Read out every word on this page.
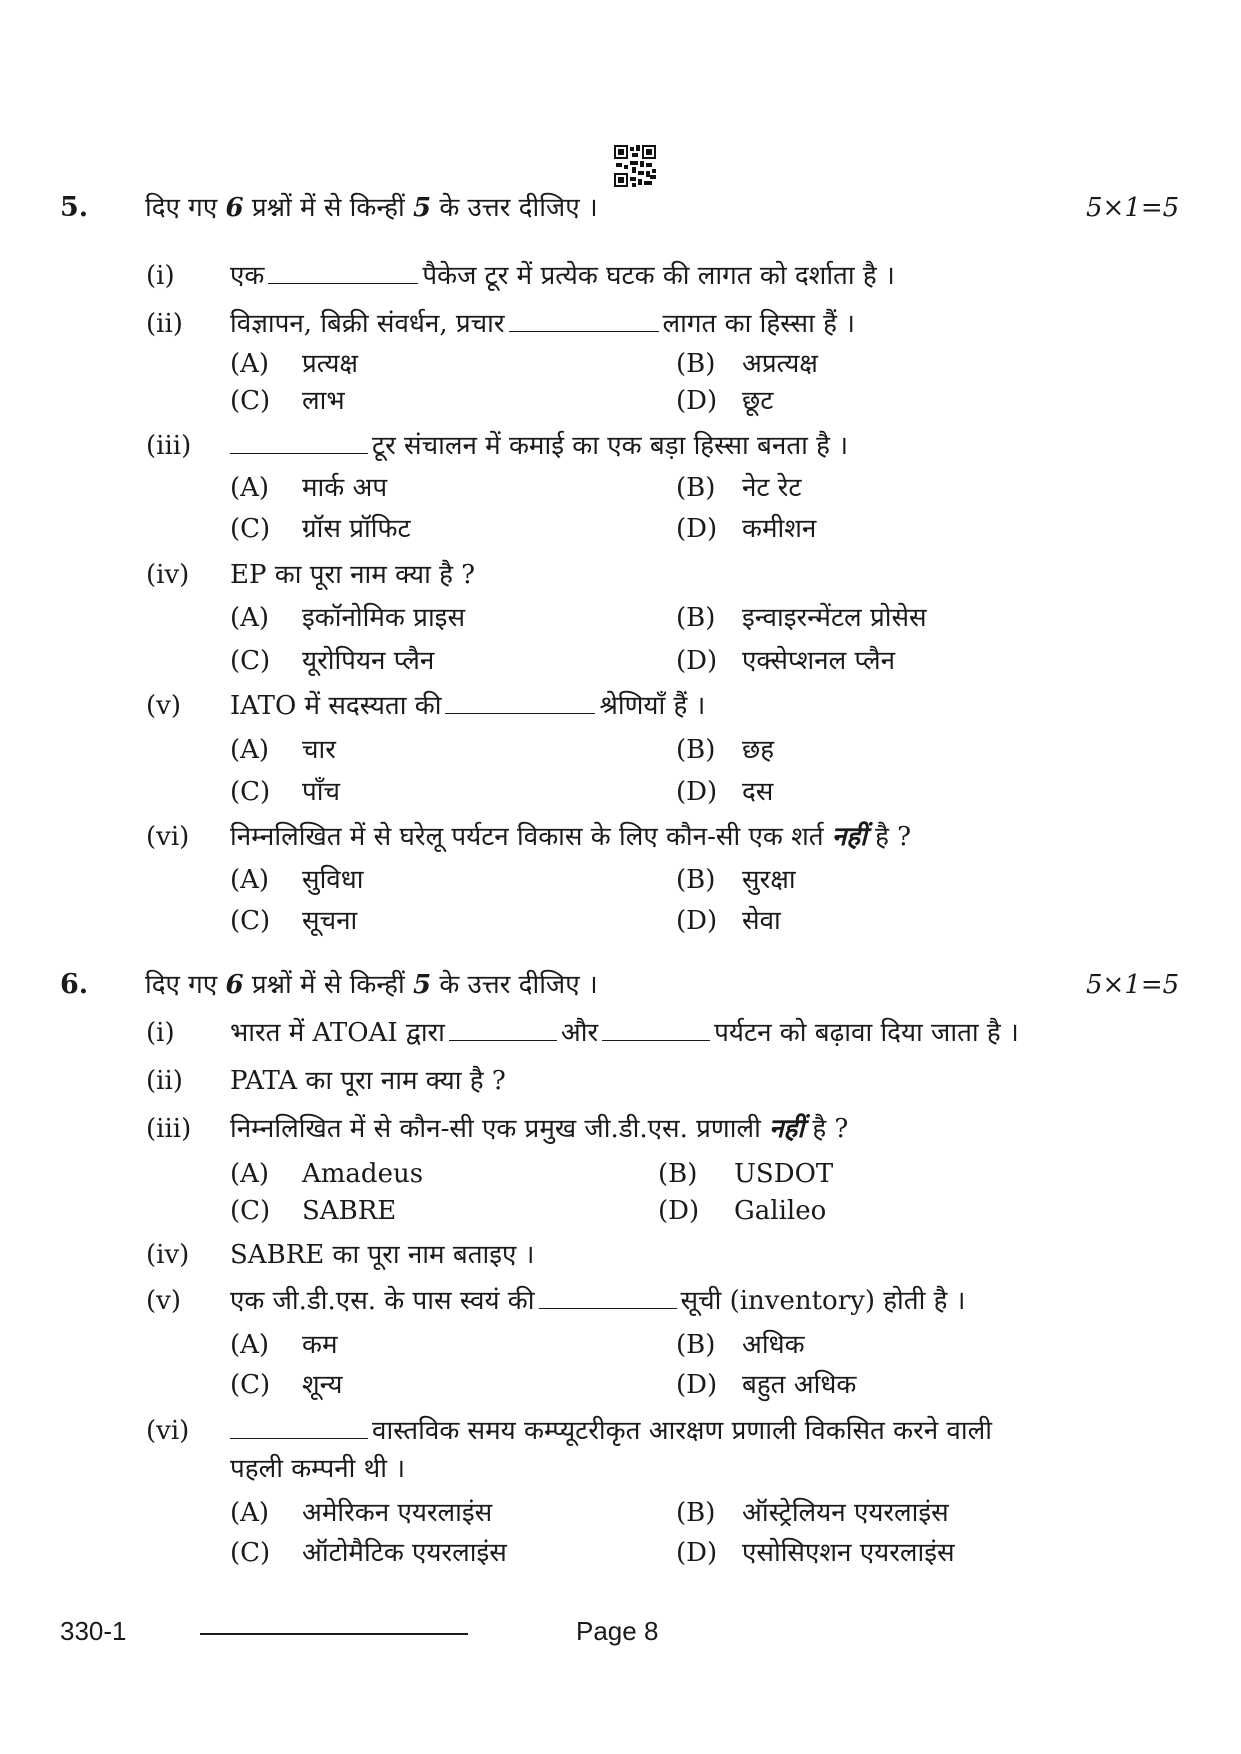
5. दिए गए 6 प्रश्नों में से किन्हीं 5 के उत्तर दीजिए ।	5×1=5
(i) एक	पैकेज टूर में प्रत्येक घटक की लागत को दर्शाता है ।
(ii) विज्ञापन, बिक्री संवर्धन, प्रचार	लागत का हिस्सा हैं ।
(A) प्रत्यक्ष	(B) अप्रत्यक्ष
(C) लाभ	(D) छूट
(iii)	टूर संचालन में कमाई का एक बड़ा हिस्सा बनता है ।
(A) मार्क अप	(B) नेट रेट
(C) ग्रॉस प्रॉफिट	(D) कमीशन
(iv) EP का पूरा नाम क्या है ?
(A) इकॉनोमिक प्राइस	(B) इन्वाइरन्मेंटल प्रोसेस
(C) यूरोपियन प्लैन	(D) एक्सेप्शनल प्लैन
(v) IATO में सदस्यता की	श्रेणियाँ हैं ।
(A) चार	(B) छह
(C) पाँच	(D) दस
(vi) निम्नलिखित में से घरेलू पर्यटन विकास के लिए कौन-सी एक शर्त नहीं है ?
(A) सुविधा	(B) सुरक्षा
(C) सूचना	(D) सेवा
6. दिए गए 6 प्रश्नों में से किन्हीं 5 के उत्तर दीजिए ।	5×1=5
(i) भारत में ATOAI द्वारा	और	पर्यटन को बढ़ावा दिया जाता है ।
(ii) PATA का पूरा नाम क्या है ?
(iii) निम्नलिखित में से कौन-सी एक प्रमुख जी.डी.एस. प्रणाली नहीं है ?
(A) Amadeus	(B) USDOT
(C) SABRE	(D) Galileo
(iv) SABRE का पूरा नाम बताइए ।
(v) एक जी.डी.एस. के पास स्वयं की	सूची (inventory) होती है ।
(A) कम	(B) अधिक
(C) शून्य	(D) बहुत अधिक
(vi)	वास्तविक समय कम्प्यूटरीकृत आरक्षण प्रणाली विकसित करने वाली
पहली कम्पनी थी ।
(A) अमेरिकन एयरलाइंस	(B) ऑस्ट्रेलियन एयरलाइंस
(C) ऑटोमैटिक एयरलाइंस	(D) एसोसिएशन एयरलाइंस
330-1	Page 8
